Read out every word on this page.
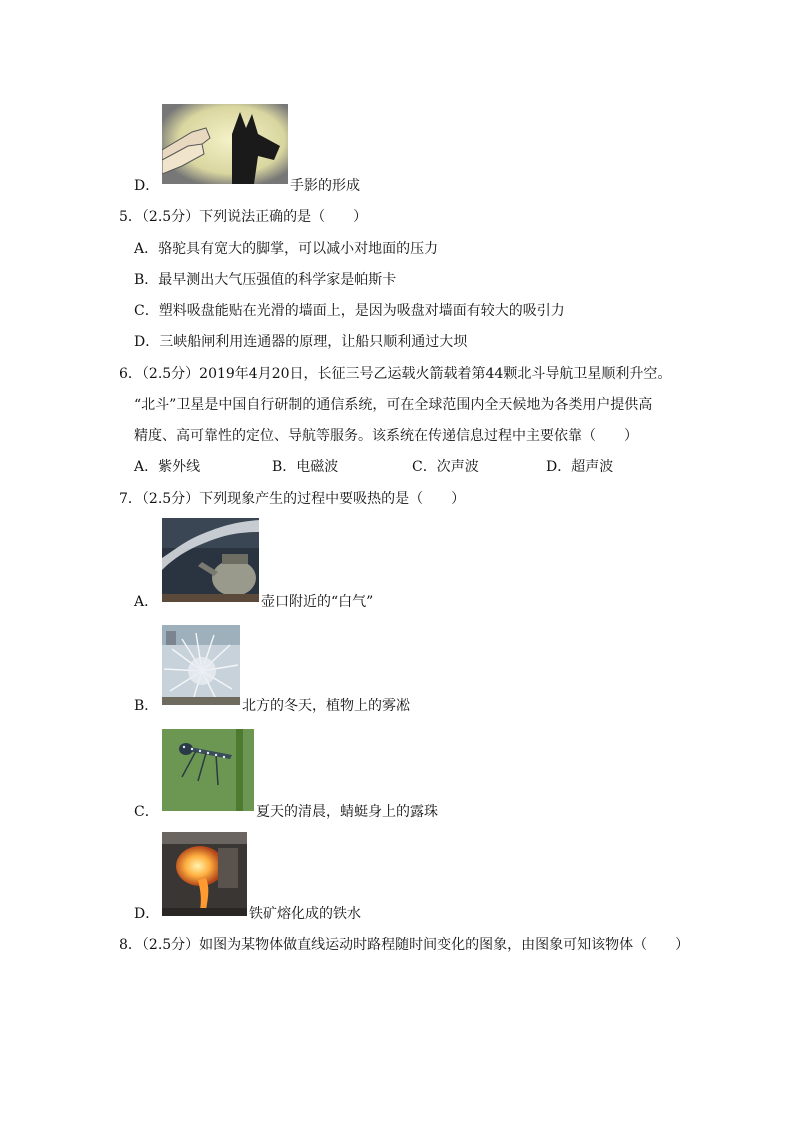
D．	手影的形成
5．（2.5分）下列说法正确的是（　　）
A．骆驼具有宽大的脚掌，可以减小对地面的压力
B．最早测出大气压强值的科学家是帕斯卡
C．塑料吸盘能贴在光滑的墙面上，是因为吸盘对墙面有较大的吸引力
D．三峡船闸利用连通器的原理，让船只顺利通过大坝
6．（2.5分）2019年4月20日，长征三号乙运载火箭载着第44颗北斗导航卫星顺利升空。
“北斗”卫星是中国自行研制的通信系统，可在全球范围内全天候地为各类用户提供高
精度、高可靠性的定位、导航等服务。该系统在传递信息过程中主要依靠（　　）
A．紫外线	B．电磁波	C．次声波	D．超声波
7．（2.5分）下列现象产生的过程中要吸热的是（　　）
A．	壶口附近的“白气”
B．	北方的冬天，植物上的雾凇
C．	夏天的清晨，蜻蜓身上的露珠
D．	铁矿熔化成的铁水
8．（2.5分）如图为某物体做直线运动时路程随时间变化的图象，由图象可知该物体（　　）
